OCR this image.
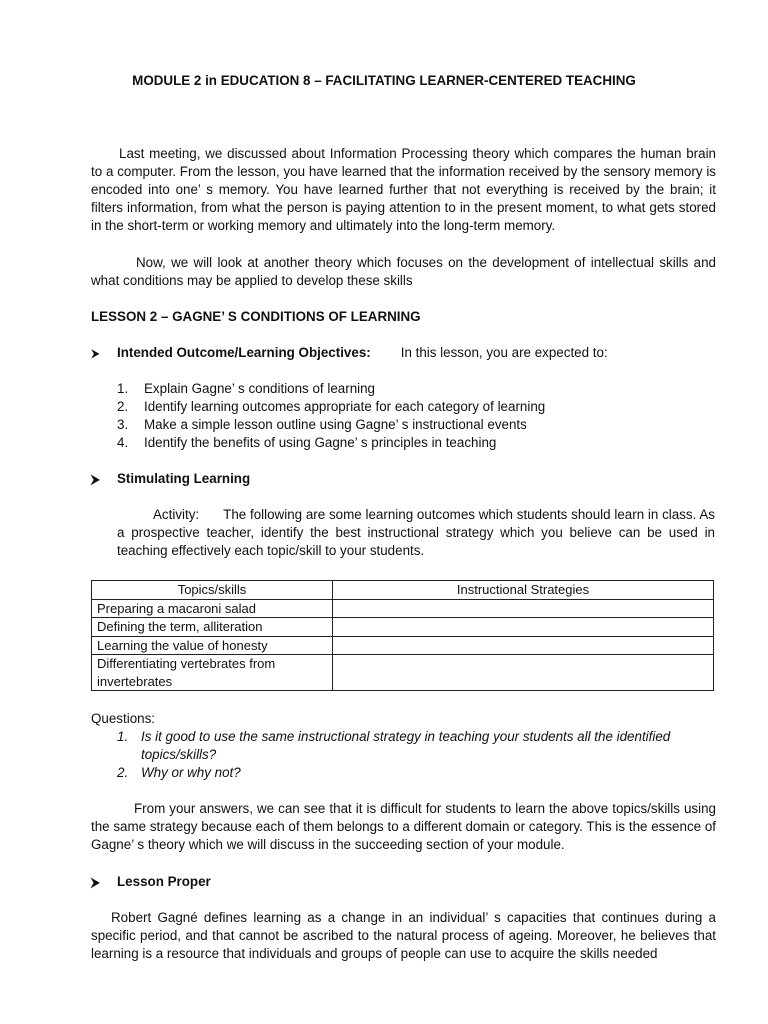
MODULE 2 in EDUCATION 8 – FACILITATING LEARNER-CENTERED TEACHING
Last meeting, we discussed about Information Processing theory which compares the human brain to a computer. From the lesson, you have learned that the information received by the sensory memory is encoded into one’ s memory. You have learned further that not everything is received by the brain; it filters information, from what the person is paying attention to in the present moment, to what gets stored in the short-term or working memory and ultimately into the long-term memory.
Now, we will look at another theory which focuses on the development of intellectual skills and what conditions may be applied to develop these skills
LESSON 2 – GAGNE’ S CONDITIONS OF LEARNING
⮞	Intended Outcome/Learning Objectives: In this lesson, you are expected to:
1.	Explain Gagne’ s conditions of learning
2.	Identify learning outcomes appropriate for each category of learning
3.	Make a simple lesson outline using Gagne’ s instructional events
4.	Identify the benefits of using Gagne’ s principles in teaching
⮞	Stimulating Learning
Activity: The following are some learning outcomes which students should learn in class. As a prospective teacher, identify the best instructional strategy which you believe can be used in teaching effectively each topic/skill to your students.
Topics/skills	Instructional Strategies
Preparing a macaroni salad	
Defining the term, alliteration	
Learning the value of honesty	
Differentiating vertebrates from invertebrates	
Questions:
1. Is it good to use the same instructional strategy in teaching your students all the identified topics/skills?
2. Why or why not?
From your answers, we can see that it is difficult for students to learn the above topics/skills using the same strategy because each of them belongs to a different domain or category. This is the essence of Gagne’ s theory which we will discuss in the succeeding section of your module.
⮞	Lesson Proper
Robert Gagné defines learning as a change in an individual’ s capacities that continues during a specific period, and that cannot be ascribed to the natural process of ageing. Moreover, he believes that learning is a resource that individuals and groups of people can use to acquire the skills needed
